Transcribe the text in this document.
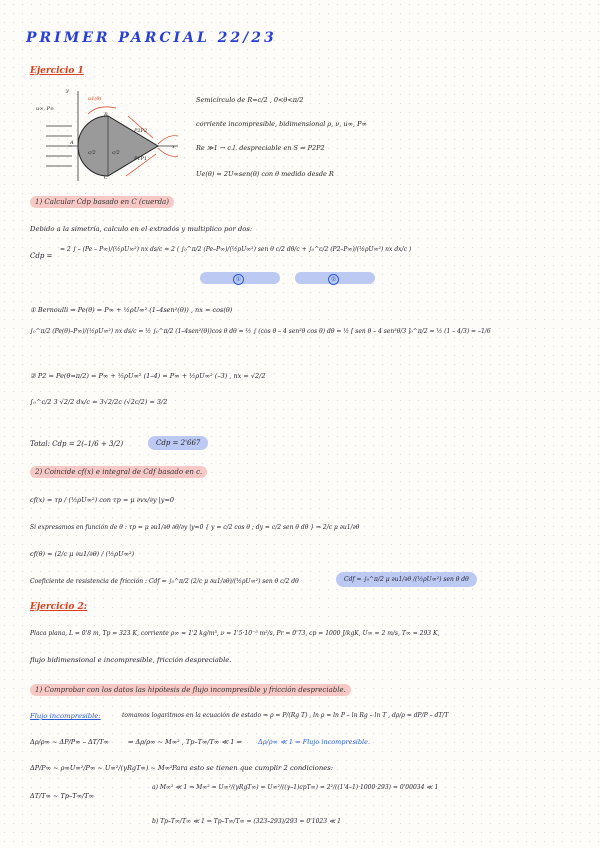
PRIMER PARCIAL 22/23
Ejercicio 1
u∞, P∞
y
x
u1(θ)
A
B
C
c/2	c/2
P2P2
P1P1
Semicírculo de R=c/2 , 0<θ<π/2
corriente incompresible, bidimensional ρ, ν, u∞, P∞
Re ≫1 → c.l. despreciable en S ⇒ P2P2
Ue(θ) = 2U∞sen(θ) con θ medido desde R
1) Calcular Cdp basado en C (cuerda)
Debido a la simetría, calculo en el extradós y multiplico por dos:
Cdp =
= 2 ∫ – (Pe – P∞)/(½ρU∞²) nx ds/c = 2 ( ∫₀^π/2 (Pe–P∞)/(½ρU∞²) sen θ c/2 dθ/c + ∫₀^c/2 (P2–P∞)/(½ρU∞²) nx dx/c )
①	②
① Bernoulli ⇒ Pe(θ) = P∞ + ½ρU∞² (1–4sen²(θ)) , nx = cos(θ)
∫₀^π/2 (Pe(θ)–P∞)/(½ρU∞²) nx ds/c = ½ ∫₀^π/2 (1–4sen²(θ))cos θ dθ = ½ ∫ (cos θ – 4 sen²θ cos θ) dθ = ½ [ sen θ – 4 sen³θ/3 ]₀^π/2 = ½ (1 – 4/3) = –1/6
② P2 = Pe(θ=π/2) = P∞ + ½ρU∞² (1–4) = P∞ + ½ρU∞² (–3) , nx = √2/2
∫₀^c/2 3 √2/2 dx/c = 3√2/2c (√2c/2) = 3/2
Total: Cdp = 2(–1/6 + 3/2)	Cdp = 2'667
2) Coincide cf(x) e integral de Cdf basado en c.
cf(x) = τp / (½ρU∞²) con τp = μ ∂vx/∂y |y=0
Si expresamos en función de θ : τp = μ ∂u1/∂θ ∂θ/∂y |y=0 { y = c/2 cos θ ; dy = c/2 sen θ dθ } ⇒ 2/c μ ∂u1/∂θ
cf(θ) = (2/c μ ∂u1/∂θ) / (½ρU∞²)
Coeficiente de resistencia de fricción : Cdf = ∫₀^π/2 (2/c μ ∂u1/∂θ)/(½ρU∞²) sen θ c/2 dθ	Cdf = ∫₀^π/2 μ ∂u1/∂θ /(½ρU∞²) sen θ dθ
Ejercicio 2:
Placa plana, L = 0'8 m, Tp = 323 K, corriente ρ∞ = 1'2 kg/m³, ν = 1'5·10⁻⁵ m²/s, Pr = 0'73, cp = 1000 J/kgK, U∞ = 2 m/s, T∞ = 293 K,
flujo bidimensional e incompresible, fricción despreciable.
1) Comprobar con los datos las hipótesis de flujo incompresible y fricción despreciable.
Flujo incompresible:	tomamos logaritmos en la ecuación de estado ⇒ ρ = P/(Rg T) , ln ρ = ln P – ln Rg – ln T , dρ/ρ = dP/P – dT/T
Δρ/ρ∞ ~ ΔP/P∞ – ΔT/T∞	⇒ Δρ/ρ∞ ~ M∞² , Tp–T∞/T∞ ≪ 1 ⇒ Δρ/ρ∞ ≪ 1 ⇒ Flujo incompresible.
ΔP/P∞ ~ ρ∞U∞²/P∞ ~ U∞²/(γRgT∞) ~ M∞² Para esto se tienen que cumplir 2 condiciones:
ΔT/T∞ ~ Tp–T∞/T∞
a) M∞² ≪ 1 ⇒ M∞² = U∞²/(γRgT∞) = U∞²/((γ–1)cpT∞) = 2²/((1'4–1)·1000·293) = 0'00034 ≪ 1
b) Tp–T∞/T∞ ≪ 1 ⇒ Tp–T∞/T∞ = (323–293)/293 = 0'1023 ≪ 1
